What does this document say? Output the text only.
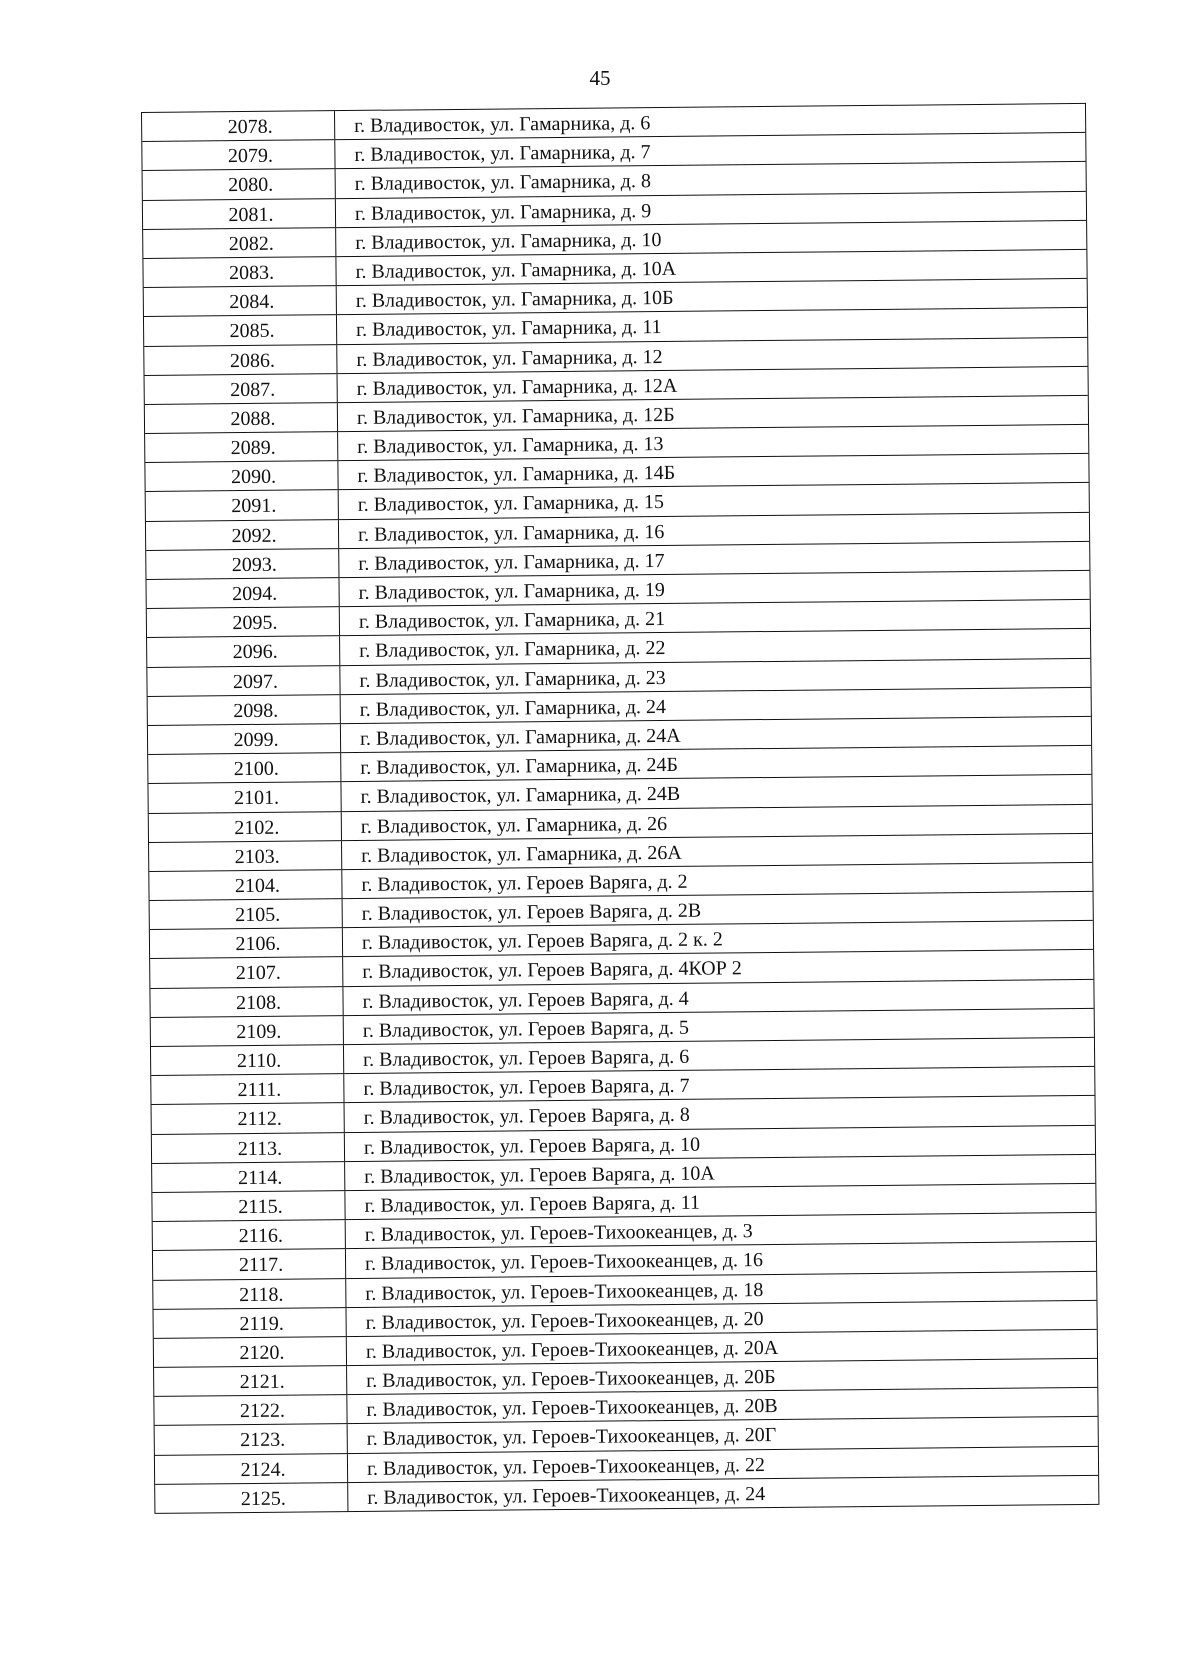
45
2078.	г. Владивосток, ул. Гамарника, д. 6
2079.	г. Владивосток, ул. Гамарника, д. 7
2080.	г. Владивосток, ул. Гамарника, д. 8
2081.	г. Владивосток, ул. Гамарника, д. 9
2082.	г. Владивосток, ул. Гамарника, д. 10
2083.	г. Владивосток, ул. Гамарника, д. 10А
2084.	г. Владивосток, ул. Гамарника, д. 10Б
2085.	г. Владивосток, ул. Гамарника, д. 11
2086.	г. Владивосток, ул. Гамарника, д. 12
2087.	г. Владивосток, ул. Гамарника, д. 12А
2088.	г. Владивосток, ул. Гамарника, д. 12Б
2089.	г. Владивосток, ул. Гамарника, д. 13
2090.	г. Владивосток, ул. Гамарника, д. 14Б
2091.	г. Владивосток, ул. Гамарника, д. 15
2092.	г. Владивосток, ул. Гамарника, д. 16
2093.	г. Владивосток, ул. Гамарника, д. 17
2094.	г. Владивосток, ул. Гамарника, д. 19
2095.	г. Владивосток, ул. Гамарника, д. 21
2096.	г. Владивосток, ул. Гамарника, д. 22
2097.	г. Владивосток, ул. Гамарника, д. 23
2098.	г. Владивосток, ул. Гамарника, д. 24
2099.	г. Владивосток, ул. Гамарника, д. 24А
2100.	г. Владивосток, ул. Гамарника, д. 24Б
2101.	г. Владивосток, ул. Гамарника, д. 24В
2102.	г. Владивосток, ул. Гамарника, д. 26
2103.	г. Владивосток, ул. Гамарника, д. 26А
2104.	г. Владивосток, ул. Героев Варяга, д. 2
2105.	г. Владивосток, ул. Героев Варяга, д. 2В
2106.	г. Владивосток, ул. Героев Варяга, д. 2 к. 2
2107.	г. Владивосток, ул. Героев Варяга, д. 4КОР 2
2108.	г. Владивосток, ул. Героев Варяга, д. 4
2109.	г. Владивосток, ул. Героев Варяга, д. 5
2110.	г. Владивосток, ул. Героев Варяга, д. 6
2111.	г. Владивосток, ул. Героев Варяга, д. 7
2112.	г. Владивосток, ул. Героев Варяга, д. 8
2113.	г. Владивосток, ул. Героев Варяга, д. 10
2114.	г. Владивосток, ул. Героев Варяга, д. 10А
2115.	г. Владивосток, ул. Героев Варяга, д. 11
2116.	г. Владивосток, ул. Героев-Тихоокеанцев, д. 3
2117.	г. Владивосток, ул. Героев-Тихоокеанцев, д. 16
2118.	г. Владивосток, ул. Героев-Тихоокеанцев, д. 18
2119.	г. Владивосток, ул. Героев-Тихоокеанцев, д. 20
2120.	г. Владивосток, ул. Героев-Тихоокеанцев, д. 20А
2121.	г. Владивосток, ул. Героев-Тихоокеанцев, д. 20Б
2122.	г. Владивосток, ул. Героев-Тихоокеанцев, д. 20В
2123.	г. Владивосток, ул. Героев-Тихоокеанцев, д. 20Г
2124.	г. Владивосток, ул. Героев-Тихоокеанцев, д. 22
2125.	г. Владивосток, ул. Героев-Тихоокеанцев, д. 24
